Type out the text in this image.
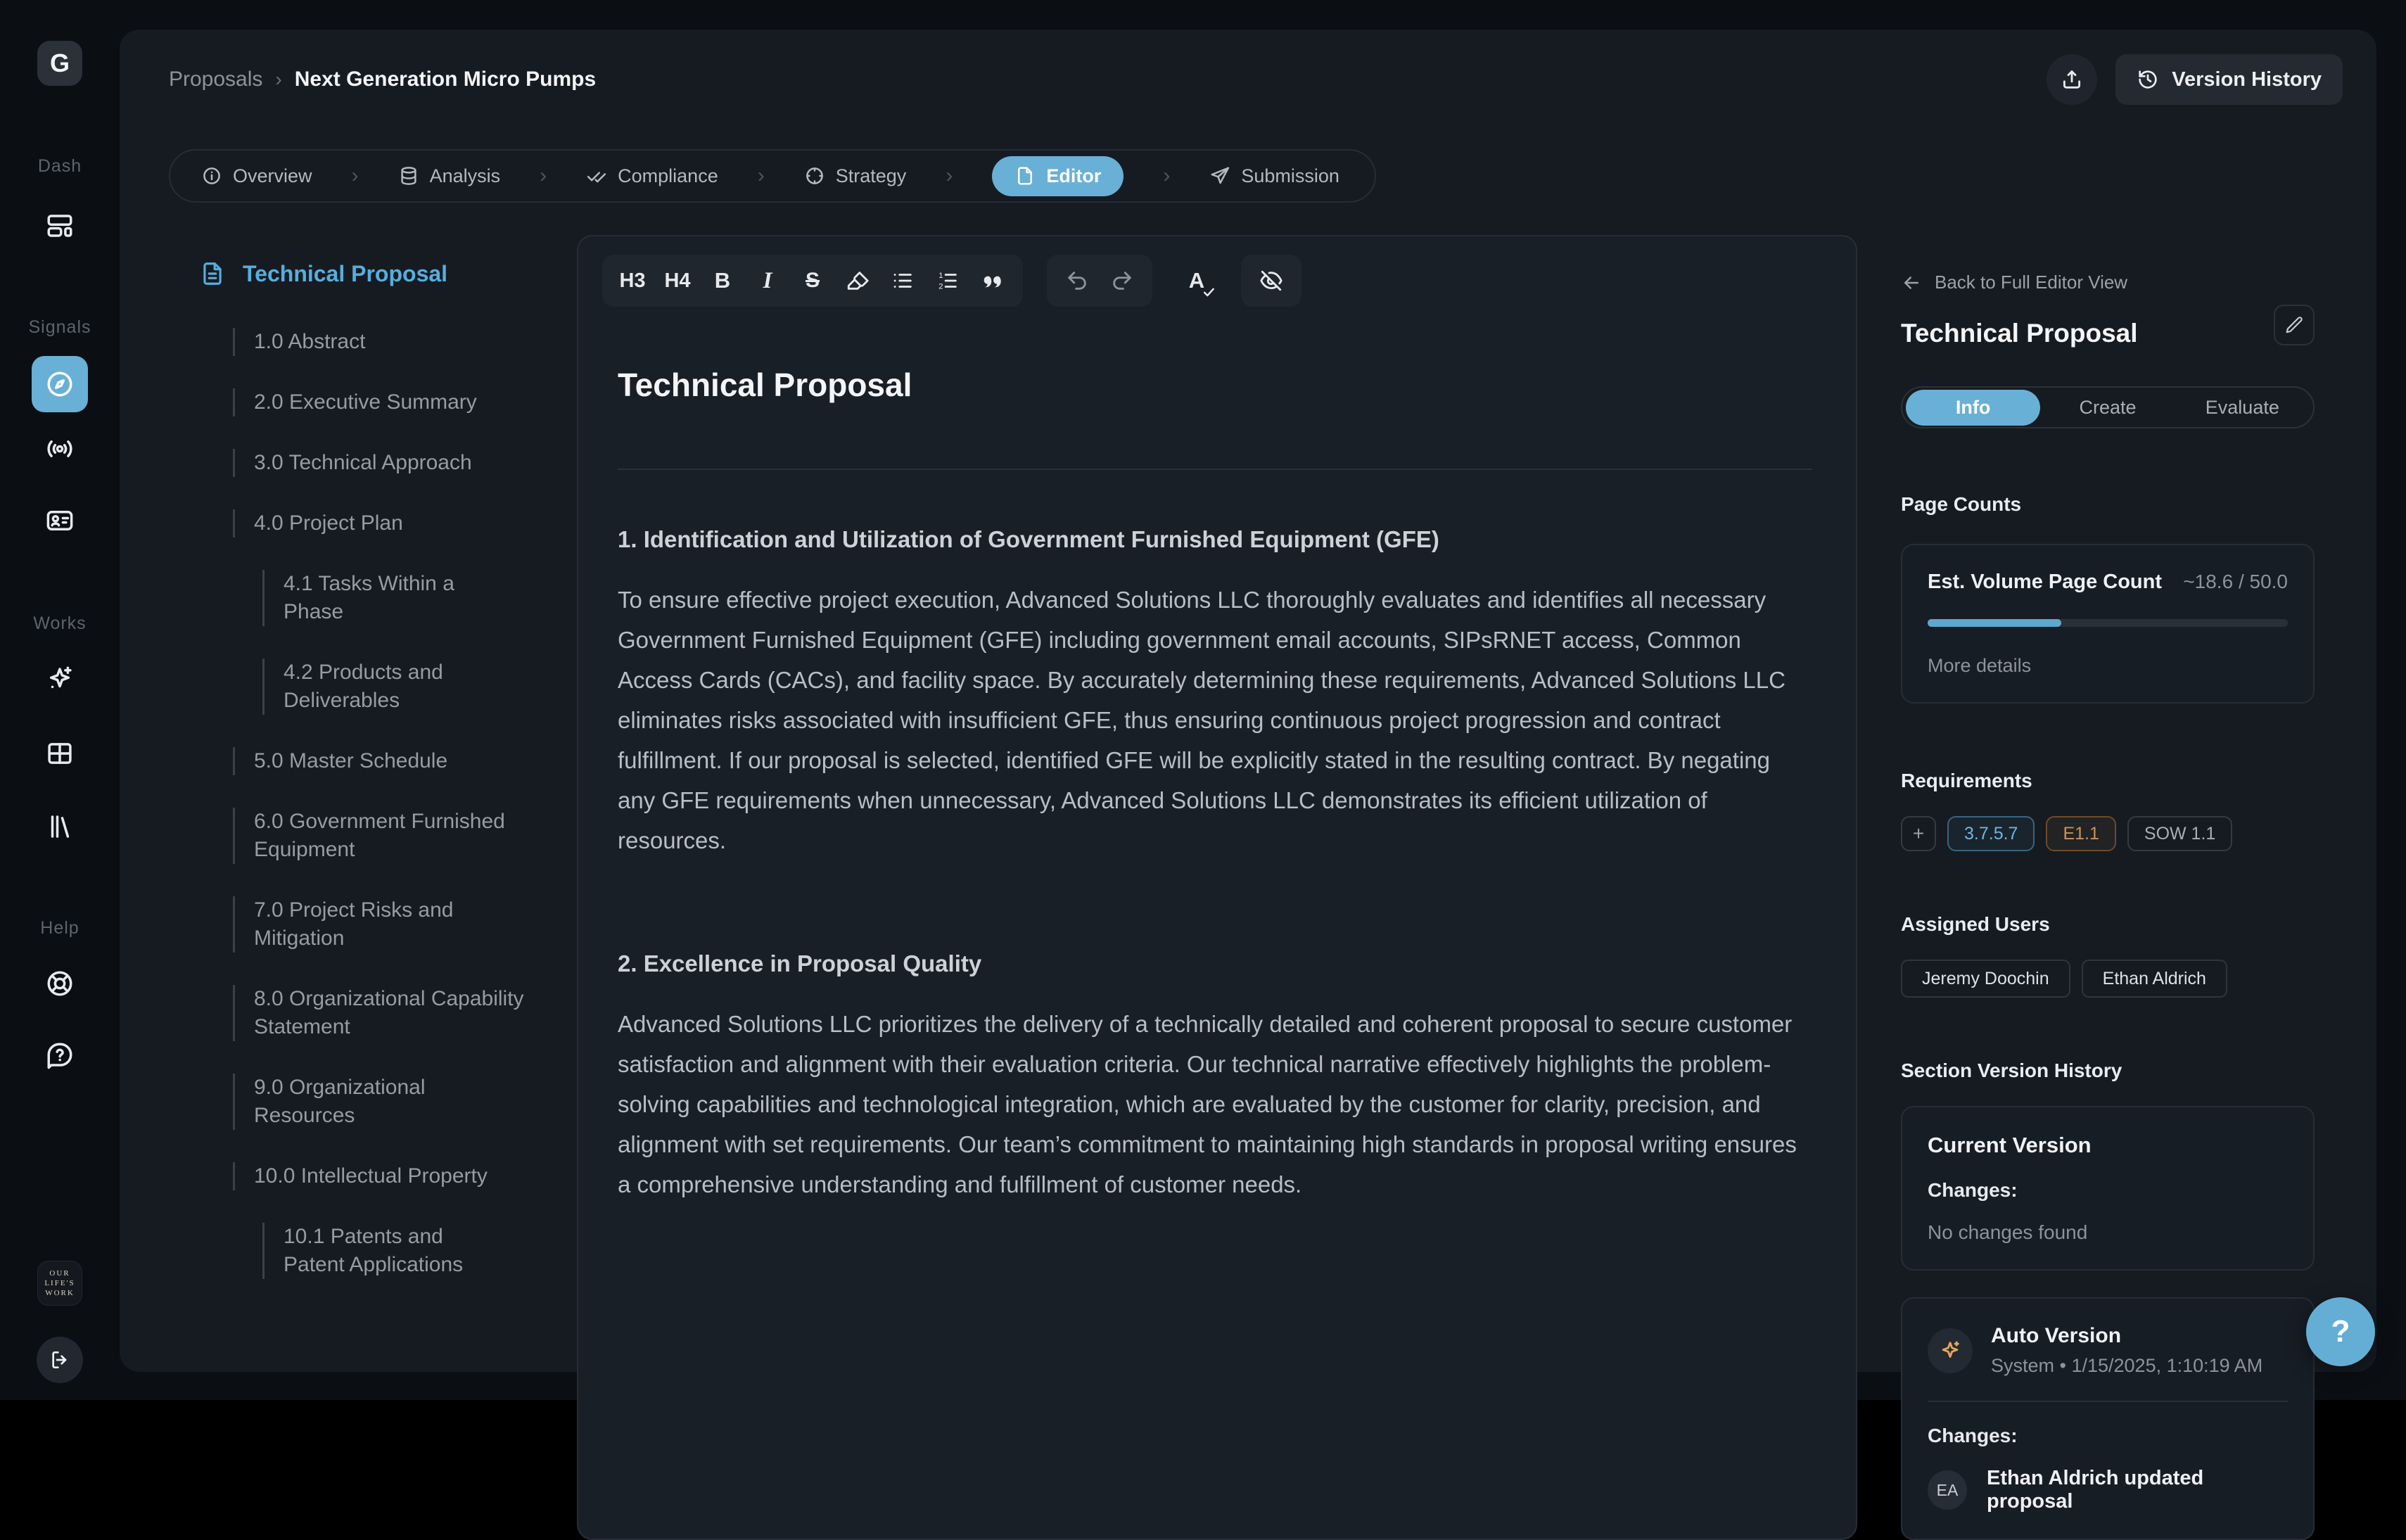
G
Dash
Signals
Works
Help
OUR
LIFE'S
WORK
Proposals › Next Generation Micro Pumps	Version History
Overview ›	Analysis ›	Compliance ›	Strategy ›	Editor	›	Submission
Technical Proposal
1.0 Abstract
2.0 Executive Summary
3.0 Technical Approach
4.0 Project Plan
4.1 Tasks Within a Phase
4.2 Products and Deliverables
5.0 Master Schedule
6.0 Government Furnished Equipment
7.0 Project Risks and Mitigation
8.0 Organizational Capability Statement
9.0 Organizational Resources
10.0 Intellectual Property
10.1 Patents and Patent Applications
H3 H4 B I S	1
2	A
Technical Proposal
1. Identification and Utilization of Government Furnished Equipment (GFE)

To ensure effective project execution, Advanced Solutions LLC thoroughly evaluates and identifies all necessary Government Furnished Equipment (GFE) including government email accounts, SIPsRNET access, Common Access Cards (CACs), and facility space. By accurately determining these requirements, Advanced Solutions LLC eliminates risks associated with insufficient GFE, thus ensuring continuous project progression and contract fulfillment. If our proposal is selected, identified GFE will be explicitly stated in the resulting contract. By negating any GFE requirements when unnecessary, Advanced Solutions LLC demonstrates its efficient utilization of resources.

2. Excellence in Proposal Quality

Advanced Solutions LLC prioritizes the delivery of a technically detailed and coherent proposal to secure customer satisfaction and alignment with their evaluation criteria. Our technical narrative effectively highlights the problem-solving capabilities and technological integration, which are evaluated by the customer for clarity, precision, and alignment with set requirements. Our team’s commitment to maintaining high standards in proposal writing ensures a comprehensive understanding and fulfillment of customer needs.

Back to Full Editor View
Technical Proposal
Info	Create	Evaluate
Page Counts
Est. Volume Page Count ~18.6 / 50.0
More details
Requirements
+	3.7.5.7	E1.1	SOW 1.1
Assigned Users
Jeremy Doochin	Ethan Aldrich
Section Version History
Current Version
Changes:
No changes found
Auto Version
System • 1/15/2025, 1:10:19 AM
Changes:
EA
Ethan Aldrich updated proposal
?
